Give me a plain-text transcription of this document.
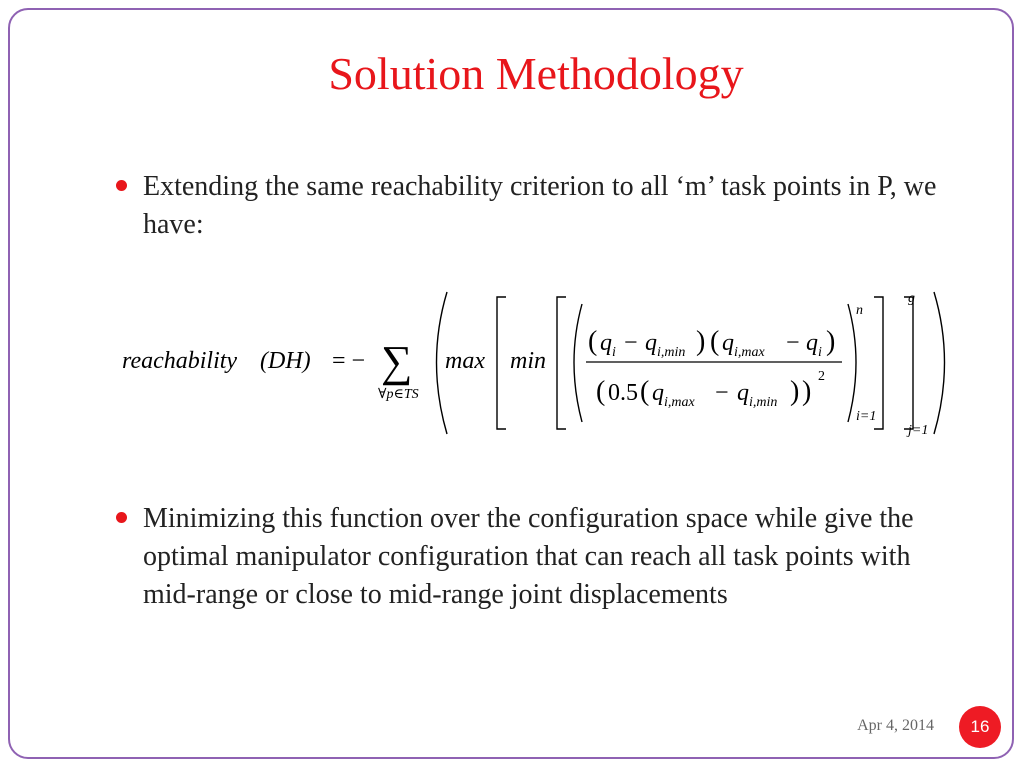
Solution Methodology
Extending the same reachability criterion to all ‘m’ task points in P, we have:
reachability (DH) = − ∑
∀p∈TS
max min
( q i − q i,min ) ( q i,max − q i )
( 0.5 ( q i,max − q i,min ) ) 2
n
i=1
g
j=1
Minimizing this function over the configuration space while give the optimal manipulator configuration that can reach all task points with mid-range or close to mid-range joint displacements
Apr 4, 2014	16
